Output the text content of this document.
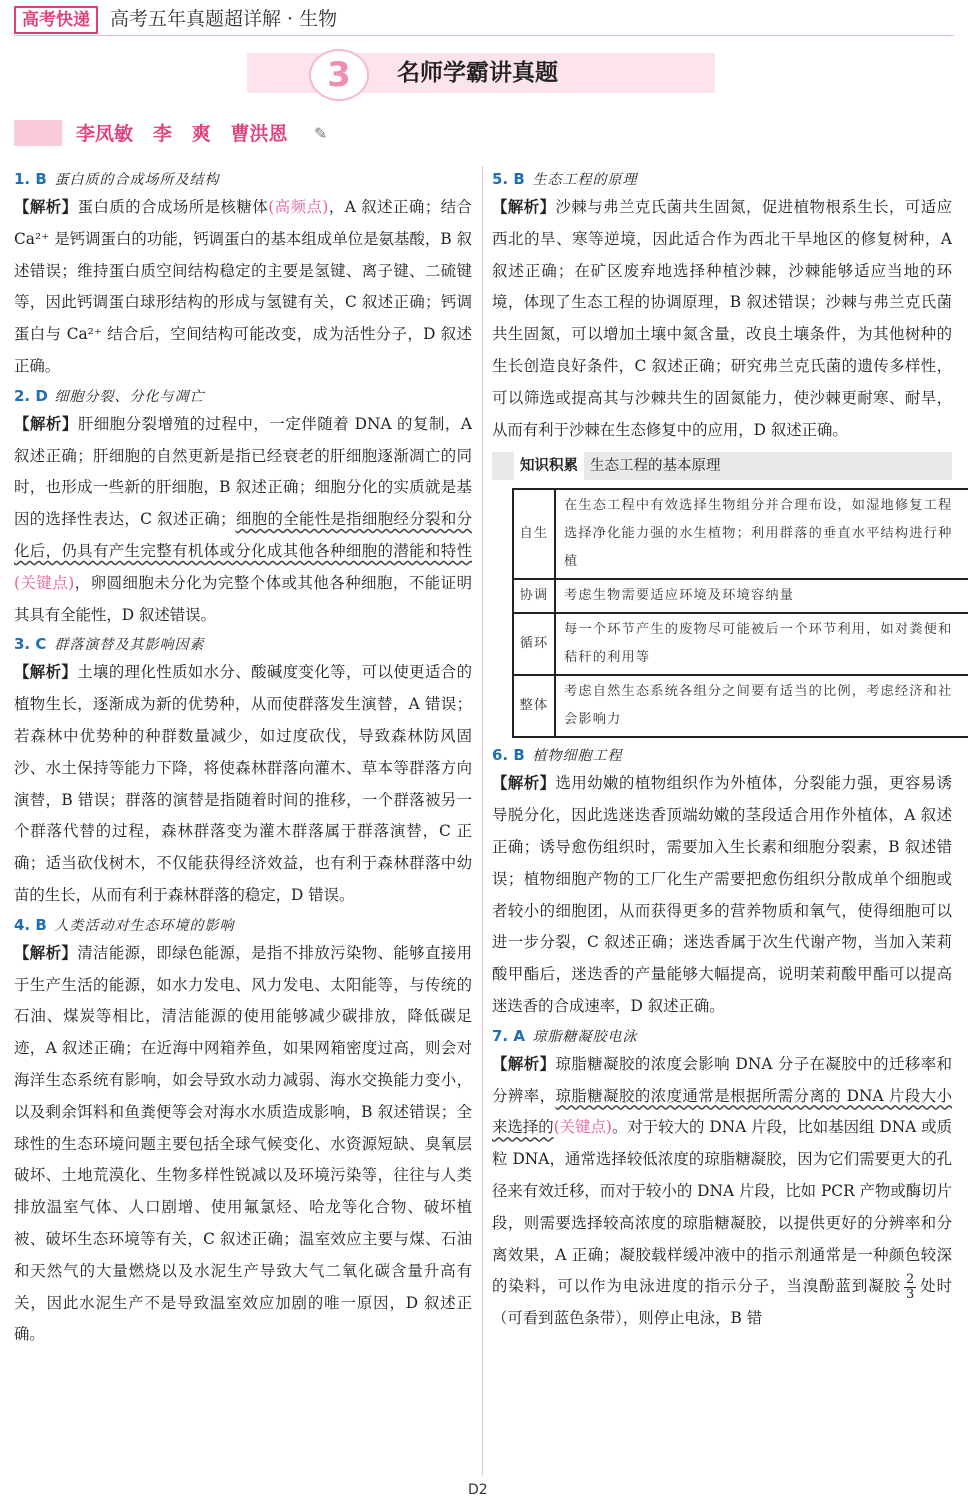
高考快递	高考五年真题超详解 · 生物
3	名师学霸讲真题
李凤敏   李   爽   曹洪恩 ✎
1. B 蛋白质的合成场所及结构

【解析】蛋白质的合成场所是核糖体(高频点)，A 叙述正确；结合 Ca²⁺ 是钙调蛋白的功能，钙调蛋白的基本组成单位是氨基酸，B 叙述错误；维持蛋白质空间结构稳定的主要是氢键、离子键、二硫键等，因此钙调蛋白球形结构的形成与氢键有关，C 叙述正确；钙调蛋白与 Ca²⁺ 结合后，空间结构可能改变，成为活性分子，D 叙述正确。

2. D 细胞分裂、分化与凋亡

【解析】肝细胞分裂增殖的过程中，一定伴随着 DNA 的复制，A 叙述正确；肝细胞的自然更新是指已经衰老的肝细胞逐渐凋亡的同时，也形成一些新的肝细胞，B 叙述正确；细胞分化的实质就是基因的选择性表达，C 叙述正确；细胞的全能性是指细胞经分裂和分化后，仍具有产生完整有机体或分化成其他各种细胞的潜能和特性(关键点)，卵圆细胞未分化为完整个体或其他各种细胞，不能证明其具有全能性，D 叙述错误。

3. C 群落演替及其影响因素

【解析】土壤的理化性质如水分、酸碱度变化等，可以使更适合的植物生长，逐渐成为新的优势种，从而使群落发生演替，A 错误；若森林中优势种的种群数量减少，如过度砍伐，导致森林防风固沙、水土保持等能力下降，将使森林群落向灌木、草本等群落方向演替，B 错误；群落的演替是指随着时间的推移，一个群落被另一个群落代替的过程，森林群落变为灌木群落属于群落演替，C 正确；适当砍伐树木，不仅能获得经济效益，也有利于森林群落中幼苗的生长，从而有利于森林群落的稳定，D 错误。

4. B 人类活动对生态环境的影响

【解析】清洁能源，即绿色能源，是指不排放污染物、能够直接用于生产生活的能源，如水力发电、风力发电、太阳能等，与传统的石油、煤炭等相比，清洁能源的使用能够减少碳排放，降低碳足迹，A 叙述正确；在近海中网箱养鱼，如果网箱密度过高，则会对海洋生态系统有影响，如会导致水动力减弱、海水交换能力变小，以及剩余饵料和鱼粪便等会对海水水质造成影响，B 叙述错误；全球性的生态环境问题主要包括全球气候变化、水资源短缺、臭氧层破坏、土地荒漠化、生物多样性锐减以及环境污染等，往往与人类排放温室气体、人口剧增、使用氟氯烃、哈龙等化合物、破坏植被、破坏生态环境等有关，C 叙述正确；温室效应主要与煤、石油和天然气的大量燃烧以及水泥生产导致大气二氧化碳含量升高有关，因此水泥生产不是导致温室效应加剧的唯一原因，D 叙述正确。

5. B 生态工程的原理

【解析】沙棘与弗兰克氏菌共生固氮，促进植物根系生长，可适应西北的旱、寒等逆境，因此适合作为西北干旱地区的修复树种，A 叙述正确；在矿区废弃地选择种植沙棘，沙棘能够适应当地的环境，体现了生态工程的协调原理，B 叙述错误；沙棘与弗兰克氏菌共生固氮，可以增加土壤中氮含量，改良土壤条件，为其他树种的生长创造良好条件，C 叙述正确；研究弗兰克氏菌的遗传多样性，可以筛选或提高其与沙棘共生的固氮能力，使沙棘更耐寒、耐旱，从而有利于沙棘在生态修复中的应用，D 叙述正确。

知识积累 生态工程的基本原理
自生	在生态工程中有效选择生物组分并合理布设，如湿地修复工程选择净化能力强的水生植物；利用群落的垂直水平结构进行种植
协调	考虑生物需要适应环境及环境容纳量
循环	每一个环节产生的废物尽可能被后一个环节利用，如对粪便和秸秆的利用等
整体	考虑自然生态系统各组分之间要有适当的比例，考虑经济和社会影响力
6. B 植物细胞工程

【解析】选用幼嫩的植物组织作为外植体，分裂能力强，更容易诱导脱分化，因此选迷迭香顶端幼嫩的茎段适合用作外植体，A 叙述正确；诱导愈伤组织时，需要加入生长素和细胞分裂素，B 叙述错误；植物细胞产物的工厂化生产需要把愈伤组织分散成单个细胞或者较小的细胞团，从而获得更多的营养物质和氧气，使得细胞可以进一步分裂，C 叙述正确；迷迭香属于次生代谢产物，当加入茉莉酸甲酯后，迷迭香的产量能够大幅提高，说明茉莉酸甲酯可以提高迷迭香的合成速率，D 叙述正确。

7. A 琼脂糖凝胶电泳

【解析】琼脂糖凝胶的浓度会影响 DNA 分子在凝胶中的迁移率和分辨率，琼脂糖凝胶的浓度通常是根据所需分离的 DNA 片段大小来选择的(关键点)。对于较大的 DNA 片段，比如基因组 DNA 或质粒 DNA，通常选择较低浓度的琼脂糖凝胶，因为它们需要更大的孔径来有效迁移，而对于较小的 DNA 片段，比如 PCR 产物或酶切片段，则需要选择较高浓度的琼脂糖凝胶，以提供更好的分辨率和分离效果，A 正确；凝胶载样缓冲液中的指示剂通常是一种颜色较深的染料，可以作为电泳进度的指示分子，当溴酚蓝到凝胶 $\frac{2}{3}$ 处时（可看到蓝色条带），则停止电泳，B 错

D2
